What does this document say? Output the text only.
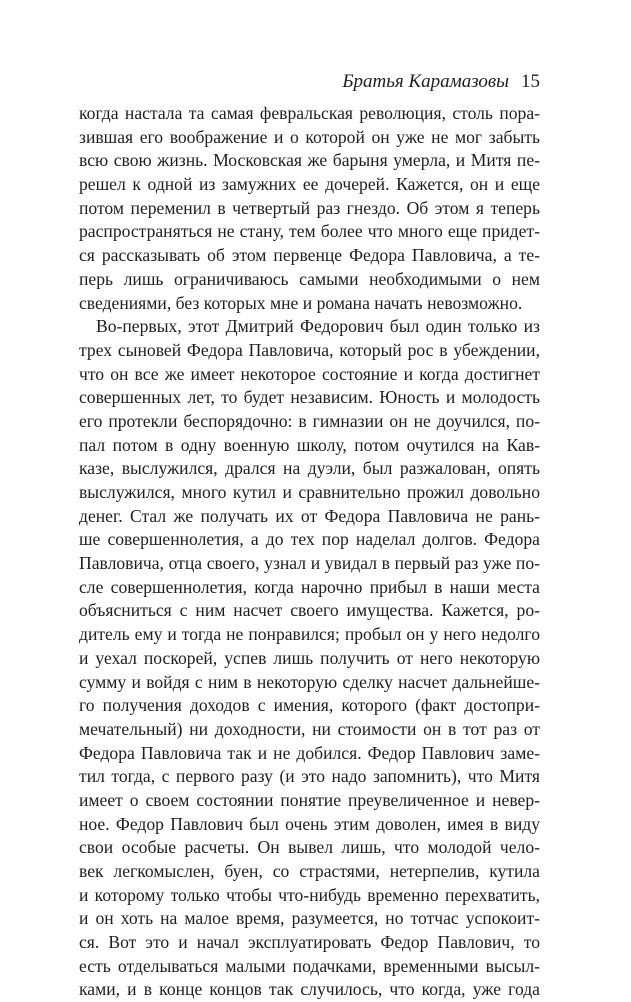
Братья Карамазовы 15
когда настала та самая февральская революция, столь пора-
зившая его воображение и о которой он уже не мог забыть
всю свою жизнь. Московская же барыня умерла, и Митя пе-
решел к одной из замужних ее дочерей. Кажется, он и еще
потом переменил в четвертый раз гнездо. Об этом я теперь
распространяться не стану, тем более что много еще придет-
ся рассказывать об этом первенце Федора Павловича, а те-
перь лишь ограничиваюсь самыми необходимыми о нем
сведениями, без которых мне и романа начать невозможно.
Во-первых, этот Дмитрий Федорович был один только из
трех сыновей Федора Павловича, который рос в убеждении,
что он все же имеет некоторое состояние и когда достигнет
совершенных лет, то будет независим. Юность и молодость
его протекли беспорядочно: в гимназии он не доучился, по-
пал потом в одну военную школу, потом очутился на Кав-
казе, выслужился, дрался на дуэли, был разжалован, опять
выслужился, много кутил и сравнительно прожил довольно
денег. Стал же получать их от Федора Павловича не рань-
ше совершеннолетия, а до тех пор наделал долгов. Федора
Павловича, отца своего, узнал и увидал в первый раз уже по-
сле совершеннолетия, когда нарочно прибыл в наши места
объясниться с ним насчет своего имущества. Кажется, ро-
дитель ему и тогда не понравился; пробыл он у него недолго
и уехал поскорей, успев лишь получить от него некоторую
сумму и войдя с ним в некоторую сделку насчет дальнейше-
го получения доходов с имения, которого (факт достопри-
мечательный) ни доходности, ни стоимости он в тот раз от
Федора Павловича так и не добился. Федор Павлович заме-
тил тогда, с первого разу (и это надо запомнить), что Митя
имеет о своем состоянии понятие преувеличенное и невер-
ное. Федор Павлович был очень этим доволен, имея в виду
свои особые расчеты. Он вывел лишь, что молодой чело-
век легкомыслен, буен, со страстями, нетерпелив, кутила
и которому только чтобы что-нибудь временно перехватить,
и он хоть на малое время, разумеется, но тотчас успокоит-
ся. Вот это и начал эксплуатировать Федор Павлович, то
есть отделываться малыми подачками, временными высыл-
ками, и в конце концов так случилось, что когда, уже года
